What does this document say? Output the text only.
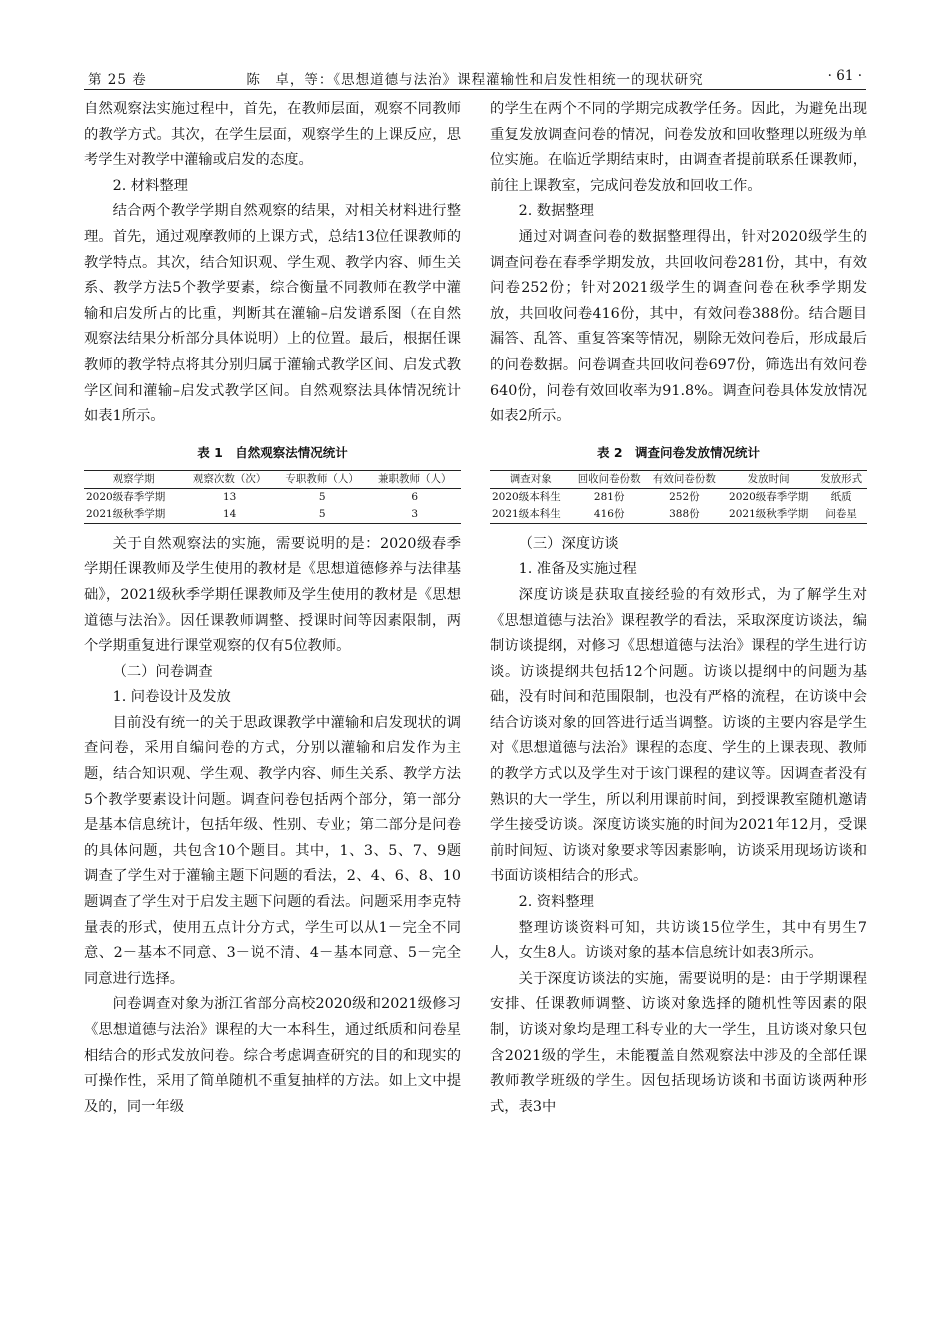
第 25 卷	陈　卓，等：《思想道德与法治》课程灌输性和启发性相统一的现状研究	· 61 ·

自然观察法实施过程中，首先，在教师层面，观察不同教师的教学方式。其次，在学生层面，观察学生的上课反应，思考学生对教学中灌输或启发的态度。

2. 材料整理

结合两个教学学期自然观察的结果，对相关材料进行整理。首先，通过观摩教师的上课方式，总结13位任课教师的教学特点。其次，结合知识观、学生观、教学内容、师生关系、教学方法5个教学要素，综合衡量不同教师在教学中灌输和启发所占的比重，判断其在灌输–启发谱系图（在自然观察法结果分析部分具体说明）上的位置。最后，根据任课教师的教学特点将其分别归属于灌输式教学区间、启发式教学区间和灌输–启发式教学区间。自然观察法具体情况统计如表1所示。

表 1　自然观察法情况统计
观察学期	观察次数（次）	专职教师（人）	兼职教师（人）
2020级春季学期	13	5	6
2021级秋季学期	14	5	3

关于自然观察法的实施，需要说明的是：2020级春季学期任课教师及学生使用的教材是《思想道德修养与法律基础》，2021级秋季学期任课教师及学生使用的教材是《思想道德与法治》。因任课教师调整、授课时间等因素限制，两个学期重复进行课堂观察的仅有5位教师。

（二）问卷调查

1. 问卷设计及发放

目前没有统一的关于思政课教学中灌输和启发现状的调查问卷，采用自编问卷的方式，分别以灌输和启发作为主题，结合知识观、学生观、教学内容、师生关系、教学方法5个教学要素设计问题。调查问卷包括两个部分，第一部分是基本信息统计，包括年级、性别、专业；第二部分是问卷的具体问题，共包含10个题目。其中，1、3、5、7、9题调查了学生对于灌输主题下问题的看法，2、4、6、8、10题调查了学生对于启发主题下问题的看法。问题采用李克特量表的形式，使用五点计分方式，学生可以从1－完全不同意、2－基本不同意、3－说不清、4－基本同意、5－完全同意进行选择。

问卷调查对象为浙江省部分高校2020级和2021级修习《思想道德与法治》课程的大一本科生，通过纸质和问卷星相结合的形式发放问卷。综合考虑调查研究的目的和现实的可操作性，采用了简单随机不重复抽样的方法。如上文中提及的，同一年级

的学生在两个不同的学期完成教学任务。因此，为避免出现重复发放调查问卷的情况，问卷发放和回收整理以班级为单位实施。在临近学期结束时，由调查者提前联系任课教师，前往上课教室，完成问卷发放和回收工作。

2. 数据整理

通过对调查问卷的数据整理得出，针对2020级学生的调查问卷在春季学期发放，共回收问卷281份，其中，有效问卷252份；针对2021级学生的调查问卷在秋季学期发放，共回收问卷416份，其中，有效问卷388份。结合题目漏答、乱答、重复答案等情况，剔除无效问卷后，形成最后的问卷数据。问卷调查共回收问卷697份，筛选出有效问卷640份，问卷有效回收率为91.8%。调查问卷具体发放情况如表2所示。

表 2　调查问卷发放情况统计
调查对象	回收问卷份数	有效问卷份数	发放时间	发放形式
2020级本科生	281份	252份	2020级春季学期	纸质
2021级本科生	416份	388份	2021级秋季学期	问卷星

（三）深度访谈

1. 准备及实施过程

深度访谈是获取直接经验的有效形式，为了解学生对《思想道德与法治》课程教学的看法，采取深度访谈法，编制访谈提纲，对修习《思想道德与法治》课程的学生进行访谈。访谈提纲共包括12个问题。访谈以提纲中的问题为基础，没有时间和范围限制，也没有严格的流程，在访谈中会结合访谈对象的回答进行适当调整。访谈的主要内容是学生对《思想道德与法治》课程的态度、学生的上课表现、教师的教学方式以及学生对于该门课程的建议等。因调查者没有熟识的大一学生，所以利用课前时间，到授课教室随机邀请学生接受访谈。深度访谈实施的时间为2021年12月，受课前时间短、访谈对象要求等因素影响，访谈采用现场访谈和书面访谈相结合的形式。

2. 资料整理

整理访谈资料可知，共访谈15位学生，其中有男生7人，女生8人。访谈对象的基本信息统计如表3所示。

关于深度访谈法的实施，需要说明的是：由于学期课程安排、任课教师调整、访谈对象选择的随机性等因素的限制，访谈对象均是理工科专业的大一学生，且访谈对象只包含2021级的学生，未能覆盖自然观察法中涉及的全部任课教师教学班级的学生。因包括现场访谈和书面访谈两种形式，表3中
